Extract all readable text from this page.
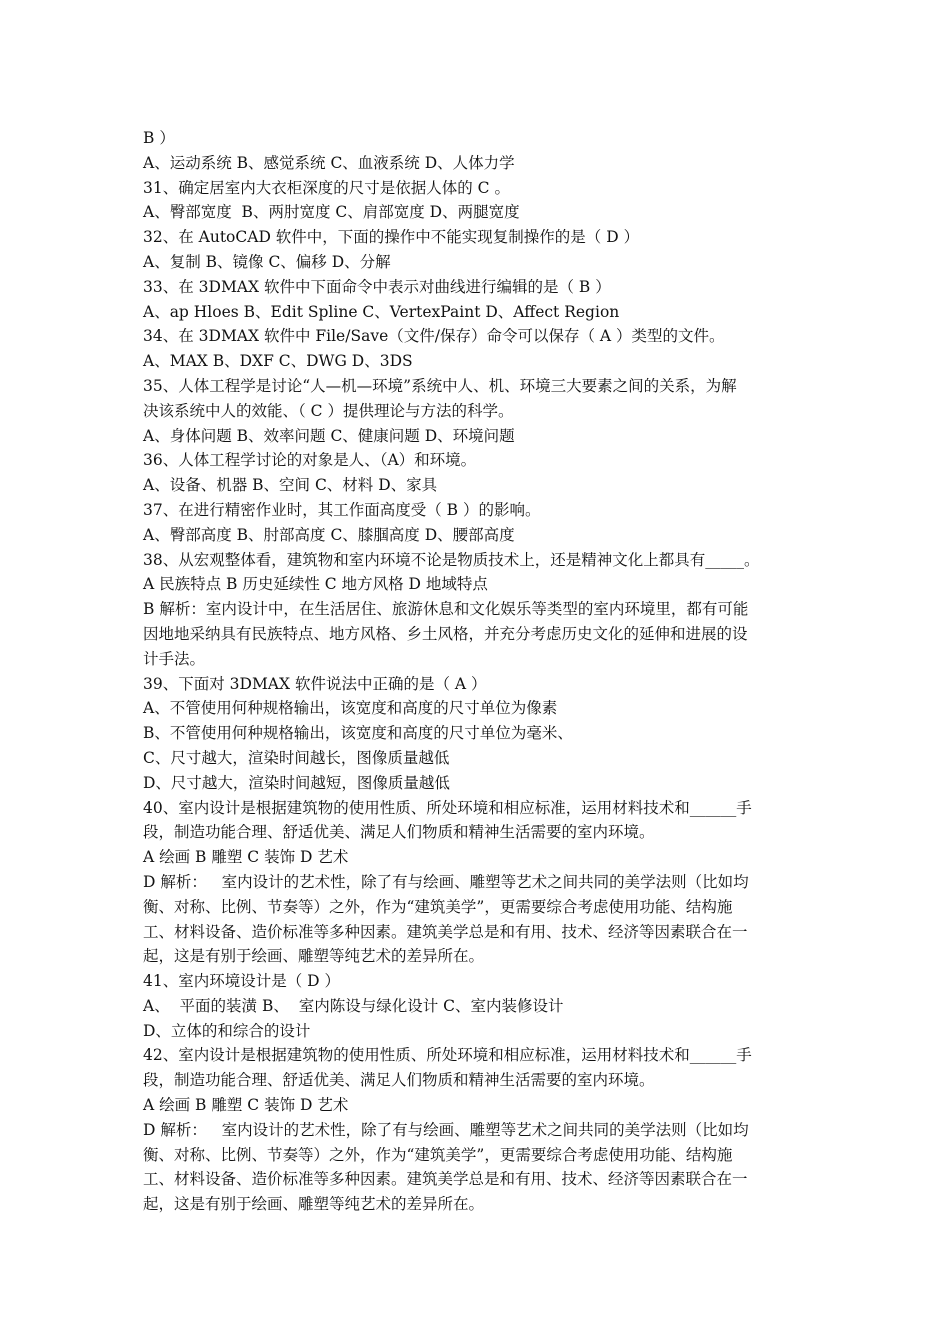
B ）
A、运动系统 B、感觉系统 C、血液系统 D、人体力学
31、确定居室内大衣柜深度的尺寸是依据人体的 C 。
A、臀部宽度  B、两肘宽度 C、肩部宽度 D、两腿宽度
32、在 AutoCAD 软件中，下面的操作中不能实现复制操作的是（ D ）
A、复制 B、镜像 C、偏移 D、分解
33、在 3DMAX 软件中下面命令中表示对曲线进行编辑的是（ B ）
A、ap Hloes B、Edit Spline C、VertexPaint D、Affect Region
34、在 3DMAX 软件中 File/Save（文件/保存）命令可以保存（ A ）类型的文件。
A、MAX B、DXF C、DWG D、3DS
35、人体工程学是讨论“人—机—环境”系统中人、机、环境三大要素之间的关系，为解
决该系统中人的效能、（ C ）提供理论与方法的科学。
A、身体问题 B、效率问题 C、健康问题 D、环境问题
36、人体工程学讨论的对象是人、（A）和环境。
A、设备、机器 B、空间 C、材料 D、家具
37、在进行精密作业时，其工作面高度受（ B ）的影响。
A、臀部高度 B、肘部高度 C、膝腘高度 D、腰部高度
38、从宏观整体看，建筑物和室内环境不论是物质技术上，还是精神文化上都具有_____。
A 民族特点 B 历史延续性 C 地方风格 D 地域特点
B 解析：室内设计中，在生活居住、旅游休息和文化娱乐等类型的室内环境里，都有可能
因地地采纳具有民族特点、地方风格、乡土风格，并充分考虑历史文化的延伸和进展的设
计手法。
39、下面对 3DMAX 软件说法中正确的是（ A ）
A、不管使用何种规格输出，该宽度和高度的尺寸单位为像素
B、不管使用何种规格输出，该宽度和高度的尺寸单位为毫米、
C、尺寸越大，渲染时间越长，图像质量越低
D、尺寸越大，渲染时间越短，图像质量越低
40、室内设计是根据建筑物的使用性质、所处环境和相应标准，运用材料技术和______手
段，制造功能合理、舒适优美、满足人们物质和精神生活需要的室内环境。
A 绘画 B 雕塑 C 装饰 D 艺术
D 解析：   室内设计的艺术性，除了有与绘画、雕塑等艺术之间共同的美学法则（比如均
衡、对称、比例、节奏等）之外，作为“建筑美学”，更需要综合考虑使用功能、结构施
工、材料设备、造价标准等多种因素。建筑美学总是和有用、技术、经济等因素联合在一
起，这是有别于绘画、雕塑等纯艺术的差异所在。
41、室内环境设计是（ D ）
A、  平面的装潢 B、  室内陈设与绿化设计 C、室内装修设计
D、立体的和综合的设计
42、室内设计是根据建筑物的使用性质、所处环境和相应标准，运用材料技术和______手
段，制造功能合理、舒适优美、满足人们物质和精神生活需要的室内环境。
A 绘画 B 雕塑 C 装饰 D 艺术
D 解析：   室内设计的艺术性，除了有与绘画、雕塑等艺术之间共同的美学法则（比如均
衡、对称、比例、节奏等）之外，作为“建筑美学”，更需要综合考虑使用功能、结构施
工、材料设备、造价标准等多种因素。建筑美学总是和有用、技术、经济等因素联合在一
起，这是有别于绘画、雕塑等纯艺术的差异所在。
